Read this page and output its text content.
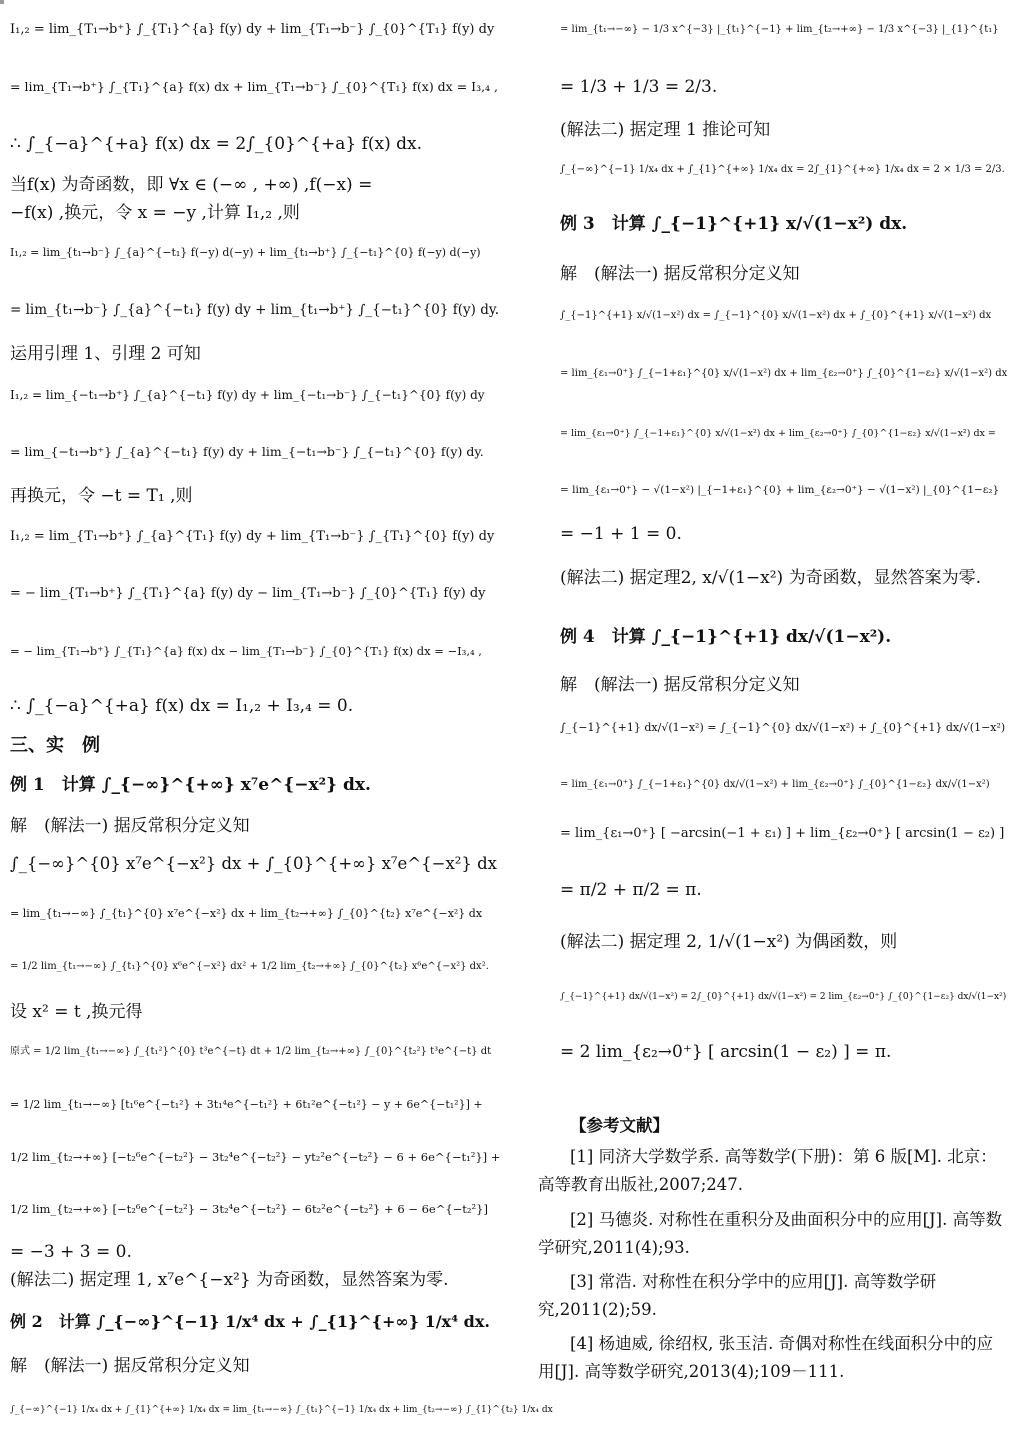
I₁,₂ = lim_{T₁→b⁺} ∫_{T₁}^{a} f(y) dy + lim_{T₁→b⁻} ∫_{0}^{T₁} f(y) dy
= lim_{T₁→b⁺} ∫_{T₁}^{a} f(x) dx + lim_{T₁→b⁻} ∫_{0}^{T₁} f(x) dx = I₃,₄ ,
∴ ∫_{−a}^{+a} f(x) dx = 2∫_{0}^{+a} f(x) dx.
当f(x) 为奇函数，即 ∀x ∈ (−∞ , +∞) ,f(−x) =
−f(x) ,换元，令 x = −y ,计算 I₁,₂ ,则
I₁,₂ = lim_{t₁→b⁻} ∫_{a}^{−t₁} f(−y) d(−y) + lim_{t₁→b⁺} ∫_{−t₁}^{0} f(−y) d(−y)
= lim_{t₁→b⁻} ∫_{a}^{−t₁} f(y) dy + lim_{t₁→b⁺} ∫_{−t₁}^{0} f(y) dy.
运用引理 1、引理 2 可知
I₁,₂ = lim_{−t₁→b⁺} ∫_{a}^{−t₁} f(y) dy + lim_{−t₁→b⁻} ∫_{−t₁}^{0} f(y) dy
= lim_{−t₁→b⁺} ∫_{a}^{−t₁} f(y) dy + lim_{−t₁→b⁻} ∫_{−t₁}^{0} f(y) dy.
再换元，令 −t = T₁ ,则
I₁,₂ = lim_{T₁→b⁺} ∫_{a}^{T₁} f(y) dy + lim_{T₁→b⁻} ∫_{T₁}^{0} f(y) dy
= − lim_{T₁→b⁺} ∫_{T₁}^{a} f(y) dy − lim_{T₁→b⁻} ∫_{0}^{T₁} f(y) dy
= − lim_{T₁→b⁺} ∫_{T₁}^{a} f(x) dx − lim_{T₁→b⁻} ∫_{0}^{T₁} f(x) dx = −I₃,₄ ,
∴ ∫_{−a}^{+a} f(x) dx = I₁,₂ + I₃,₄ = 0.
三、实　例
例 1　计算 ∫_{−∞}^{+∞} x⁷e^{−x²} dx.
解　(解法一) 据反常积分定义知
∫_{−∞}^{0} x⁷e^{−x²} dx + ∫_{0}^{+∞} x⁷e^{−x²} dx
= lim_{t₁→−∞} ∫_{t₁}^{0} x⁷e^{−x²} dx + lim_{t₂→+∞} ∫_{0}^{t₂} x⁷e^{−x²} dx
= 1/2 lim_{t₁→−∞} ∫_{t₁}^{0} x⁶e^{−x²} dx² + 1/2 lim_{t₂→+∞} ∫_{0}^{t₂} x⁶e^{−x²} dx².
设 x² = t ,换元得
原式 = 1/2 lim_{t₁→−∞} ∫_{t₁²}^{0} t³e^{−t} dt + 1/2 lim_{t₂→+∞} ∫_{0}^{t₂²} t³e^{−t} dt
= 1/2 lim_{t₁→−∞} [t₁⁶e^{−t₁²} + 3t₁⁴e^{−t₁²} + 6t₁²e^{−t₁²} − y + 6e^{−t₁²}] +
1/2 lim_{t₂→+∞} [−t₂⁶e^{−t₂²} − 3t₂⁴e^{−t₂²} − yt₂²e^{−t₂²} − 6 + 6e^{−t₁²}] +
1/2 lim_{t₂→+∞} [−t₂⁶e^{−t₂²} − 3t₂⁴e^{−t₂²} − 6t₂²e^{−t₂²} + 6 − 6e^{−t₂²}]
= −3 + 3 = 0.
(解法二) 据定理 1, x⁷e^{−x²} 为奇函数，显然答案为零.
例 2　计算 ∫_{−∞}^{−1} 1/x⁴ dx + ∫_{1}^{+∞} 1/x⁴ dx.
解　(解法一) 据反常积分定义知
∫_{−∞}^{−1} 1/x₄ dx + ∫_{1}^{+∞} 1/x₄ dx = lim_{t₁→−∞} ∫_{t₁}^{−1} 1/x₄ dx + lim_{t₂→−∞} ∫_{1}^{t₂} 1/x₄ dx
= lim_{t₁→−∞} − 1/3 x^{−3} |_{t₁}^{−1} + lim_{t₂→+∞} − 1/3 x^{−3} |_{1}^{t₁}
= 1/3 + 1/3 = 2/3.
(解法二) 据定理 1 推论可知
∫_{−∞}^{−1} 1/x₄ dx + ∫_{1}^{+∞} 1/x₄ dx = 2∫_{1}^{+∞} 1/x₄ dx = 2 × 1/3 = 2/3.
例 3　计算 ∫_{−1}^{+1} x/√(1−x²) dx.
解　(解法一) 据反常积分定义知
∫_{−1}^{+1} x/√(1−x²) dx = ∫_{−1}^{0} x/√(1−x²) dx + ∫_{0}^{+1} x/√(1−x²) dx
= lim_{ε₁→0⁺} ∫_{−1+ε₁}^{0} x/√(1−x²) dx + lim_{ε₂→0⁺} ∫_{0}^{1−ε₂} x/√(1−x²) dx
= lim_{ε₁→0⁺} ∫_{−1+ε₁}^{0} x/√(1−x²) dx + lim_{ε₂→0⁺} ∫_{0}^{1−ε₂} x/√(1−x²) dx =
= lim_{ε₁→0⁺} − √(1−x²) |_{−1+ε₁}^{0} + lim_{ε₂→0⁺} − √(1−x²) |_{0}^{1−ε₂}
= −1 + 1 = 0.
(解法二) 据定理2, x/√(1−x²) 为奇函数，显然答案为零.
例 4　计算 ∫_{−1}^{+1} dx/√(1−x²).
解　(解法一) 据反常积分定义知
∫_{−1}^{+1} dx/√(1−x²) = ∫_{−1}^{0} dx/√(1−x²) + ∫_{0}^{+1} dx/√(1−x²)
= lim_{ε₁→0⁺} ∫_{−1+ε₁}^{0} dx/√(1−x²) + lim_{ε₂→0⁺} ∫_{0}^{1−ε₂} dx/√(1−x²)
= lim_{ε₁→0⁺} [ −arcsin(−1 + ε₁) ] + lim_{ε₂→0⁺} [ arcsin(1 − ε₂) ]
= π/2 + π/2 = π.
(解法二) 据定理 2, 1/√(1−x²) 为偶函数，则
∫_{−1}^{+1} dx/√(1−x²) = 2∫_{0}^{+1} dx/√(1−x²) = 2 lim_{ε₂→0⁺} ∫_{0}^{1−ε₂} dx/√(1−x²)
= 2 lim_{ε₂→0⁺} [ arcsin(1 − ε₂) ] = π.
【参考文献】
[1] 同济大学数学系. 高等数学(下册)：第 6 版[M]. 北京：高等教育出版社,2007;247.
[2] 马德炎. 对称性在重积分及曲面积分中的应用[J]. 高等数学研究,2011(4);93.
[3] 常浩. 对称性在积分学中的应用[J]. 高等数学研究,2011(2);59.
[4] 杨迪威, 徐绍权, 张玉洁. 奇偶对称性在线面积分中的应用[J]. 高等数学研究,2013(4);109－111.
